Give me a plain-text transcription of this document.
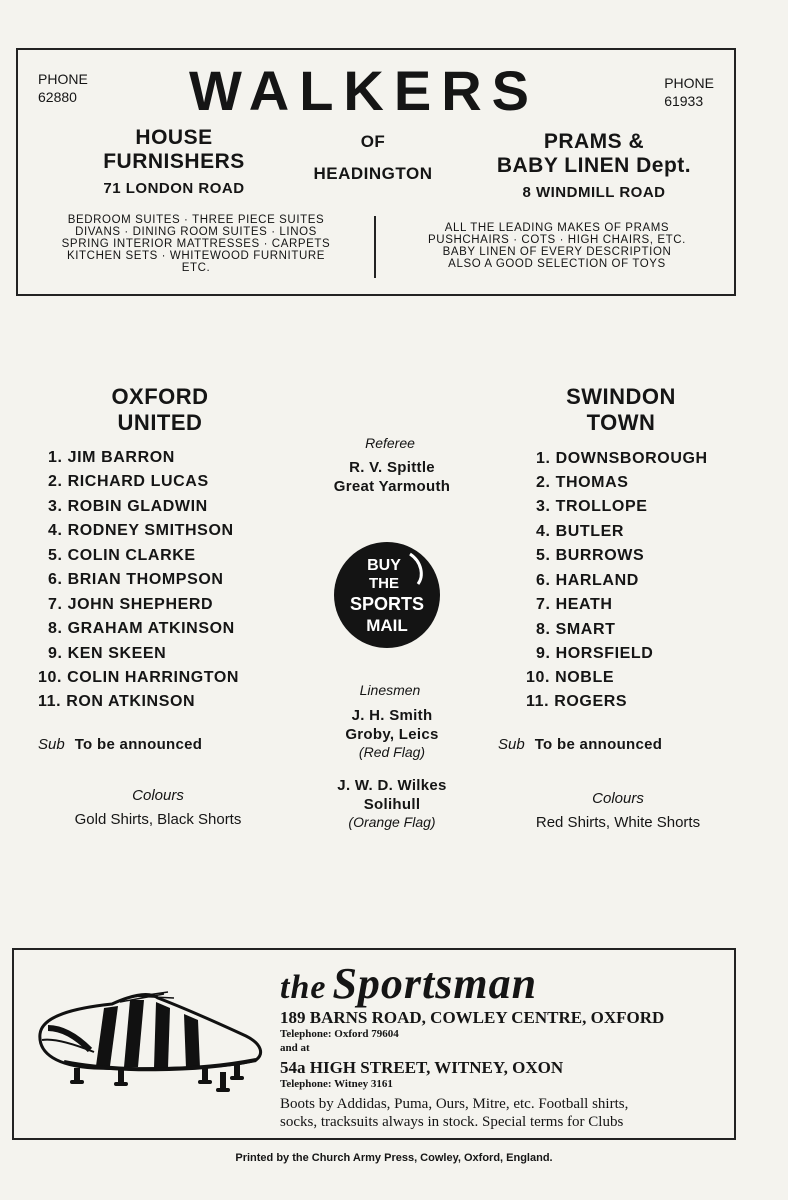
PHONE
62880
PHONE
61933
WALKERS
HOUSE
FURNISHERS
71 LONDON ROAD
OF
HEADINGTON
PRAMS &
BABY LINEN Dept.
8 WINDMILL ROAD
BEDROOM SUITES · THREE PIECE SUITES
DIVANS · DINING ROOM SUITES · LINOS
SPRING INTERIOR MATTRESSES · CARPETS
KITCHEN SETS · WHITEWOOD FURNITURE
ETC.
ALL THE LEADING MAKES OF PRAMS
PUSHCHAIRS · COTS · HIGH CHAIRS, ETC.
BABY LINEN OF EVERY DESCRIPTION
ALSO A GOOD SELECTION OF TOYS
OXFORD
UNITED
1. JIM BARRON
2. RICHARD LUCAS
3. ROBIN GLADWIN
4. RODNEY SMITHSON
5. COLIN CLARKE
6. BRIAN THOMPSON
7. JOHN SHEPHERD
8. GRAHAM ATKINSON
9. KEN SKEEN
10. COLIN HARRINGTON
11. RON ATKINSON
Sub To be announced
Colours
Gold Shirts, Black Shorts
Referee
R. V. Spittle
Great Yarmouth
BUY
THE
SPORTS
MAIL
Linesmen
J. H. Smith
Groby, Leics
(Red Flag)
J. W. D. Wilkes
Solihull
(Orange Flag)
SWINDON
TOWN
1. DOWNSBOROUGH
2. THOMAS
3. TROLLOPE
4. BUTLER
5. BURROWS
6. HARLAND
7. HEATH
8. SMART
9. HORSFIELD
10. NOBLE
11. ROGERS
Sub To be announced
Colours
Red Shirts, White Shorts
the Sportsman
189 BARNS ROAD, COWLEY CENTRE, OXFORD
Telephone: Oxford 79604
and at
54a HIGH STREET, WITNEY, OXON
Telephone: Witney 3161
Boots by Addidas, Puma, Ours, Mitre, etc. Football shirts,
socks, tracksuits always in stock. Special terms for Clubs
Printed by the Church Army Press, Cowley, Oxford, England.
